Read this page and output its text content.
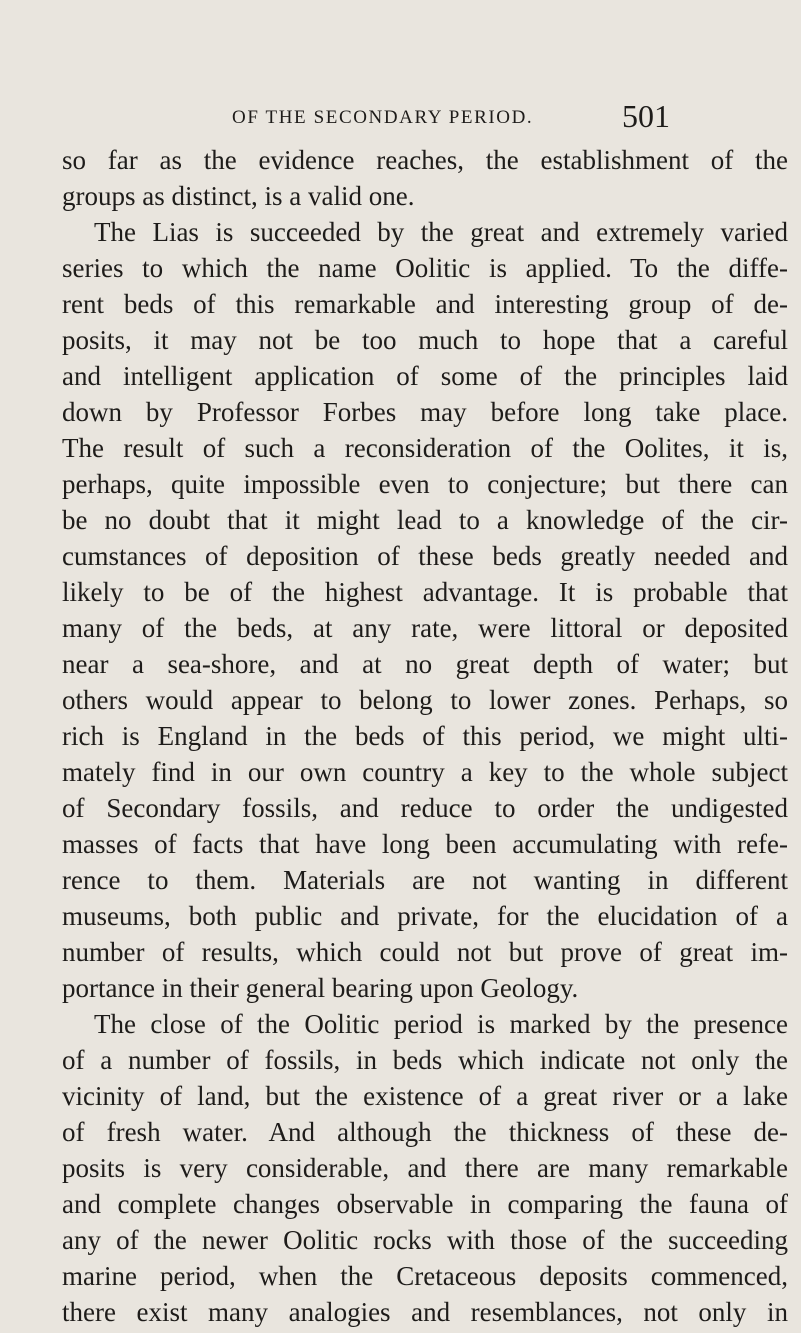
OF THE SECONDARY PERIOD.	501
so far as the evidence reaches, the establishment of the
groups as distinct, is a valid one.
The Lias is succeeded by the great and extremely varied
series to which the name Oolitic is applied. To the diffe-
rent beds of this remarkable and interesting group of de-
posits, it may not be too much to hope that a careful
and intelligent application of some of the principles laid
down by Professor Forbes may before long take place.
The result of such a reconsideration of the Oolites, it is,
perhaps, quite impossible even to conjecture; but there can
be no doubt that it might lead to a knowledge of the cir-
cumstances of deposition of these beds greatly needed and
likely to be of the highest advantage. It is probable that
many of the beds, at any rate, were littoral or deposited
near a sea-shore, and at no great depth of water; but
others would appear to belong to lower zones. Perhaps, so
rich is England in the beds of this period, we might ulti-
mately find in our own country a key to the whole subject
of Secondary fossils, and reduce to order the undigested
masses of facts that have long been accumulating with refe-
rence to them. Materials are not wanting in different
museums, both public and private, for the elucidation of a
number of results, which could not but prove of great im-
portance in their general bearing upon Geology.
The close of the Oolitic period is marked by the presence
of a number of fossils, in beds which indicate not only the
vicinity of land, but the existence of a great river or a lake
of fresh water. And although the thickness of these de-
posits is very considerable, and there are many remarkable
and complete changes observable in comparing the fauna of
any of the newer Oolitic rocks with those of the succeeding
marine period, when the Cretaceous deposits commenced,
there exist many analogies and resemblances, not only in
